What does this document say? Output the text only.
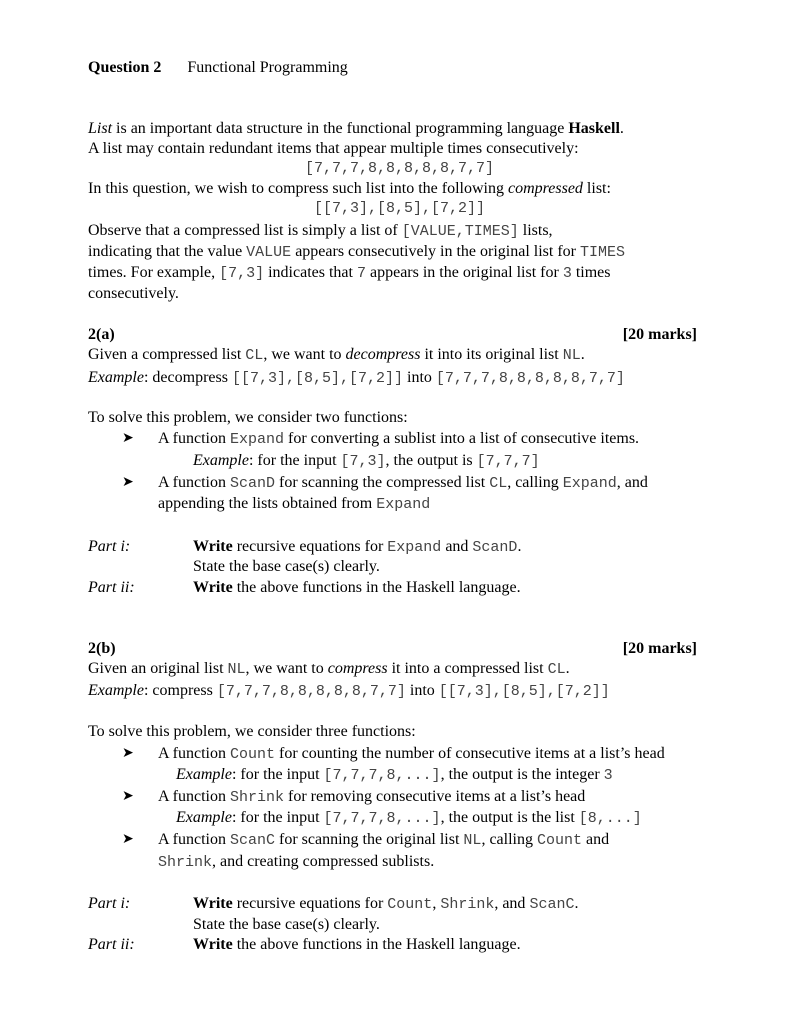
Question 2 Functional Programming
List is an important data structure in the functional programming language Haskell.
A list may contain redundant items that appear multiple times consecutively:
[7,7,7,8,8,8,8,8,7,7]
In this question, we wish to compress such list into the following compressed list:
[[7,3],[8,5],[7,2]]
Observe that a compressed list is simply a list of [VALUE,TIMES] lists,
indicating that the value VALUE appears consecutively in the original list for TIMES
times. For example, [7,3] indicates that 7 appears in the original list for 3 times
consecutively.
2(a)	[20 marks]
Given a compressed list CL, we want to decompress it into its original list NL.
Example: decompress [[7,3],[8,5],[7,2]] into [7,7,7,8,8,8,8,8,7,7]
To solve this problem, we consider two functions:
➤ A function Expand for converting a sublist into a list of consecutive items.
Example: for the input [7,3], the output is [7,7,7]
➤ A function ScanD for scanning the compressed list CL, calling Expand, and
appending the lists obtained from Expand
Part i:	Write recursive equations for Expand and ScanD.
State the base case(s) clearly.
Part ii:	Write the above functions in the Haskell language.
2(b)	[20 marks]
Given an original list NL, we want to compress it into a compressed list CL.
Example: compress [7,7,7,8,8,8,8,8,7,7] into [[7,3],[8,5],[7,2]]
To solve this problem, we consider three functions:
➤ A function Count for counting the number of consecutive items at a list’s head
Example: for the input [7,7,7,8,...], the output is the integer 3
➤ A function Shrink for removing consecutive items at a list’s head
Example: for the input [7,7,7,8,...], the output is the list [8,...]
➤ A function ScanC for scanning the original list NL, calling Count and
Shrink, and creating compressed sublists.
Part i:	Write recursive equations for Count, Shrink, and ScanC.
State the base case(s) clearly.
Part ii:	Write the above functions in the Haskell language.
